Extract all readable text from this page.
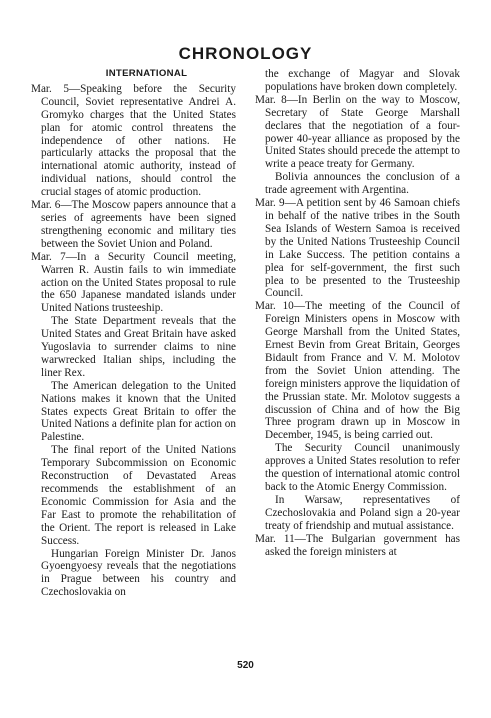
CHRONOLOGY
INTERNATIONAL

Mar. 5—Speaking before the Security Council, Soviet representative Andrei A. Gromyko charges that the United States plan for atomic control threatens the independence of other nations. He particularly attacks the proposal that the international atomic authority, instead of individual nations, should control the crucial stages of atomic production.

Mar. 6—The Moscow papers announce that a series of agreements have been signed strengthening economic and military ties between the Soviet Union and Poland.

Mar. 7—In a Security Council meeting, Warren R. Austin fails to win immediate action on the United States proposal to rule the 650 Japanese mandated islands under United Nations trusteeship.

The State Department reveals that the United States and Great Britain have asked Yugoslavia to surrender claims to nine warwrecked Italian ships, including the liner Rex.

The American delegation to the United Nations makes it known that the United States expects Great Britain to offer the United Nations a definite plan for action on Palestine.

The final report of the United Nations Temporary Subcommission on Economic Reconstruction of Devastated Areas recommends the establishment of an Economic Commission for Asia and the Far East to promote the rehabilitation of the Orient. The report is released in Lake Success.

Hungarian Foreign Minister Dr. Janos Gyoengyoesy reveals that the negotiations in Prague between his country and Czechoslovakia on

the exchange of Magyar and Slovak populations have broken down completely.

Mar. 8—In Berlin on the way to Moscow, Secretary of State George Marshall declares that the negotiation of a four-power 40-year alliance as proposed by the United States should precede the attempt to write a peace treaty for Germany.

Bolivia announces the conclusion of a trade agreement with Argentina.

Mar. 9—A petition sent by 46 Samoan chiefs in behalf of the native tribes in the South Sea Islands of Western Samoa is received by the United Nations Trusteeship Council in Lake Success. The petition contains a plea for self-government, the first such plea to be presented to the Trusteeship Council.

Mar. 10—The meeting of the Council of Foreign Ministers opens in Moscow with George Marshall from the United States, Ernest Bevin from Great Britain, Georges Bidault from France and V. M. Molotov from the Soviet Union attending. The foreign ministers approve the liquidation of the Prussian state. Mr. Molotov suggests a discussion of China and of how the Big Three program drawn up in Moscow in December, 1945, is being carried out.

The Security Council unanimously approves a United States resolution to refer the question of international atomic control back to the Atomic Energy Commission.

In Warsaw, representatives of Czechoslovakia and Poland sign a 20-year treaty of friendship and mutual assistance.

Mar. 11—The Bulgarian government has asked the foreign ministers at

520
